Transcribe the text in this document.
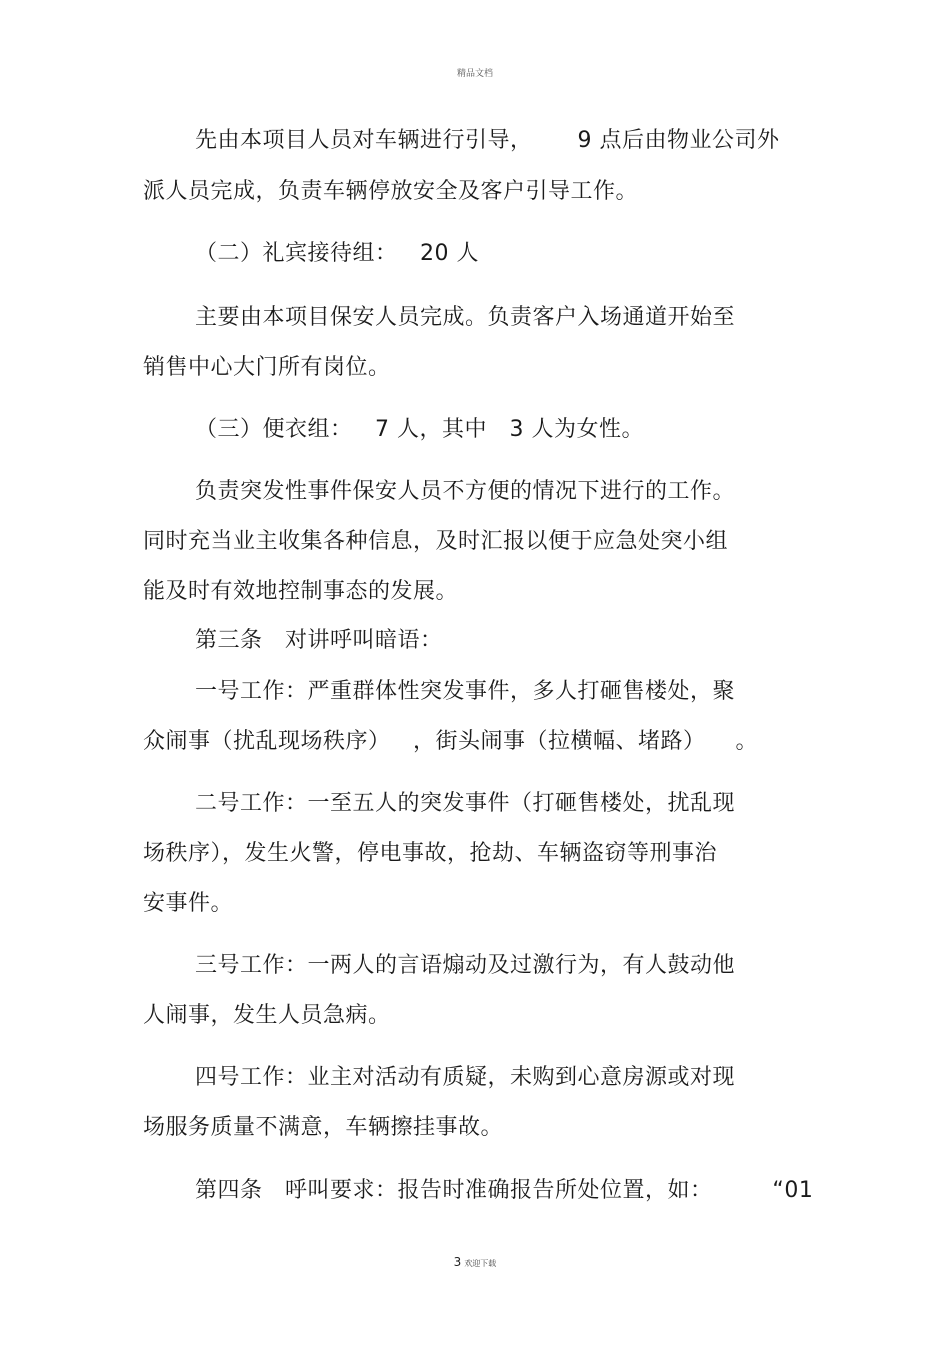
精品文档
先由本项目人员对车辆进行引导，      9 点后由物业公司外
派人员完成，负责车辆停放安全及客户引导工作。
（二）礼宾接待组：   20 人
主要由本项目保安人员完成。负责客户入场通道开始至
销售中心大门所有岗位。
（三）便衣组：   7 人，其中   3 人为女性。
负责突发性事件保安人员不方便的情况下进行的工作。
同时充当业主收集各种信息，及时汇报以便于应急处突小组
能及时有效地控制事态的发展。
第三条   对讲呼叫暗语：
一号工作：严重群体性突发事件，多人打砸售楼处，聚
众闹事（扰乱现场秩序）   ，街头闹事（拉横幅、堵路）    。
二号工作：一至五人的突发事件（打砸售楼处，扰乱现
场秩序），发生火警，停电事故，抢劫、车辆盗窃等刑事治
安事件。
三号工作：一两人的言语煽动及过激行为，有人鼓动他
人闹事，发生人员急病。
四号工作：业主对活动有质疑，未购到心意房源或对现
场服务质量不满意，车辆擦挂事故。
第四条   呼叫要求：报告时准确报告所处位置，如：        “01
3 欢迎下载
